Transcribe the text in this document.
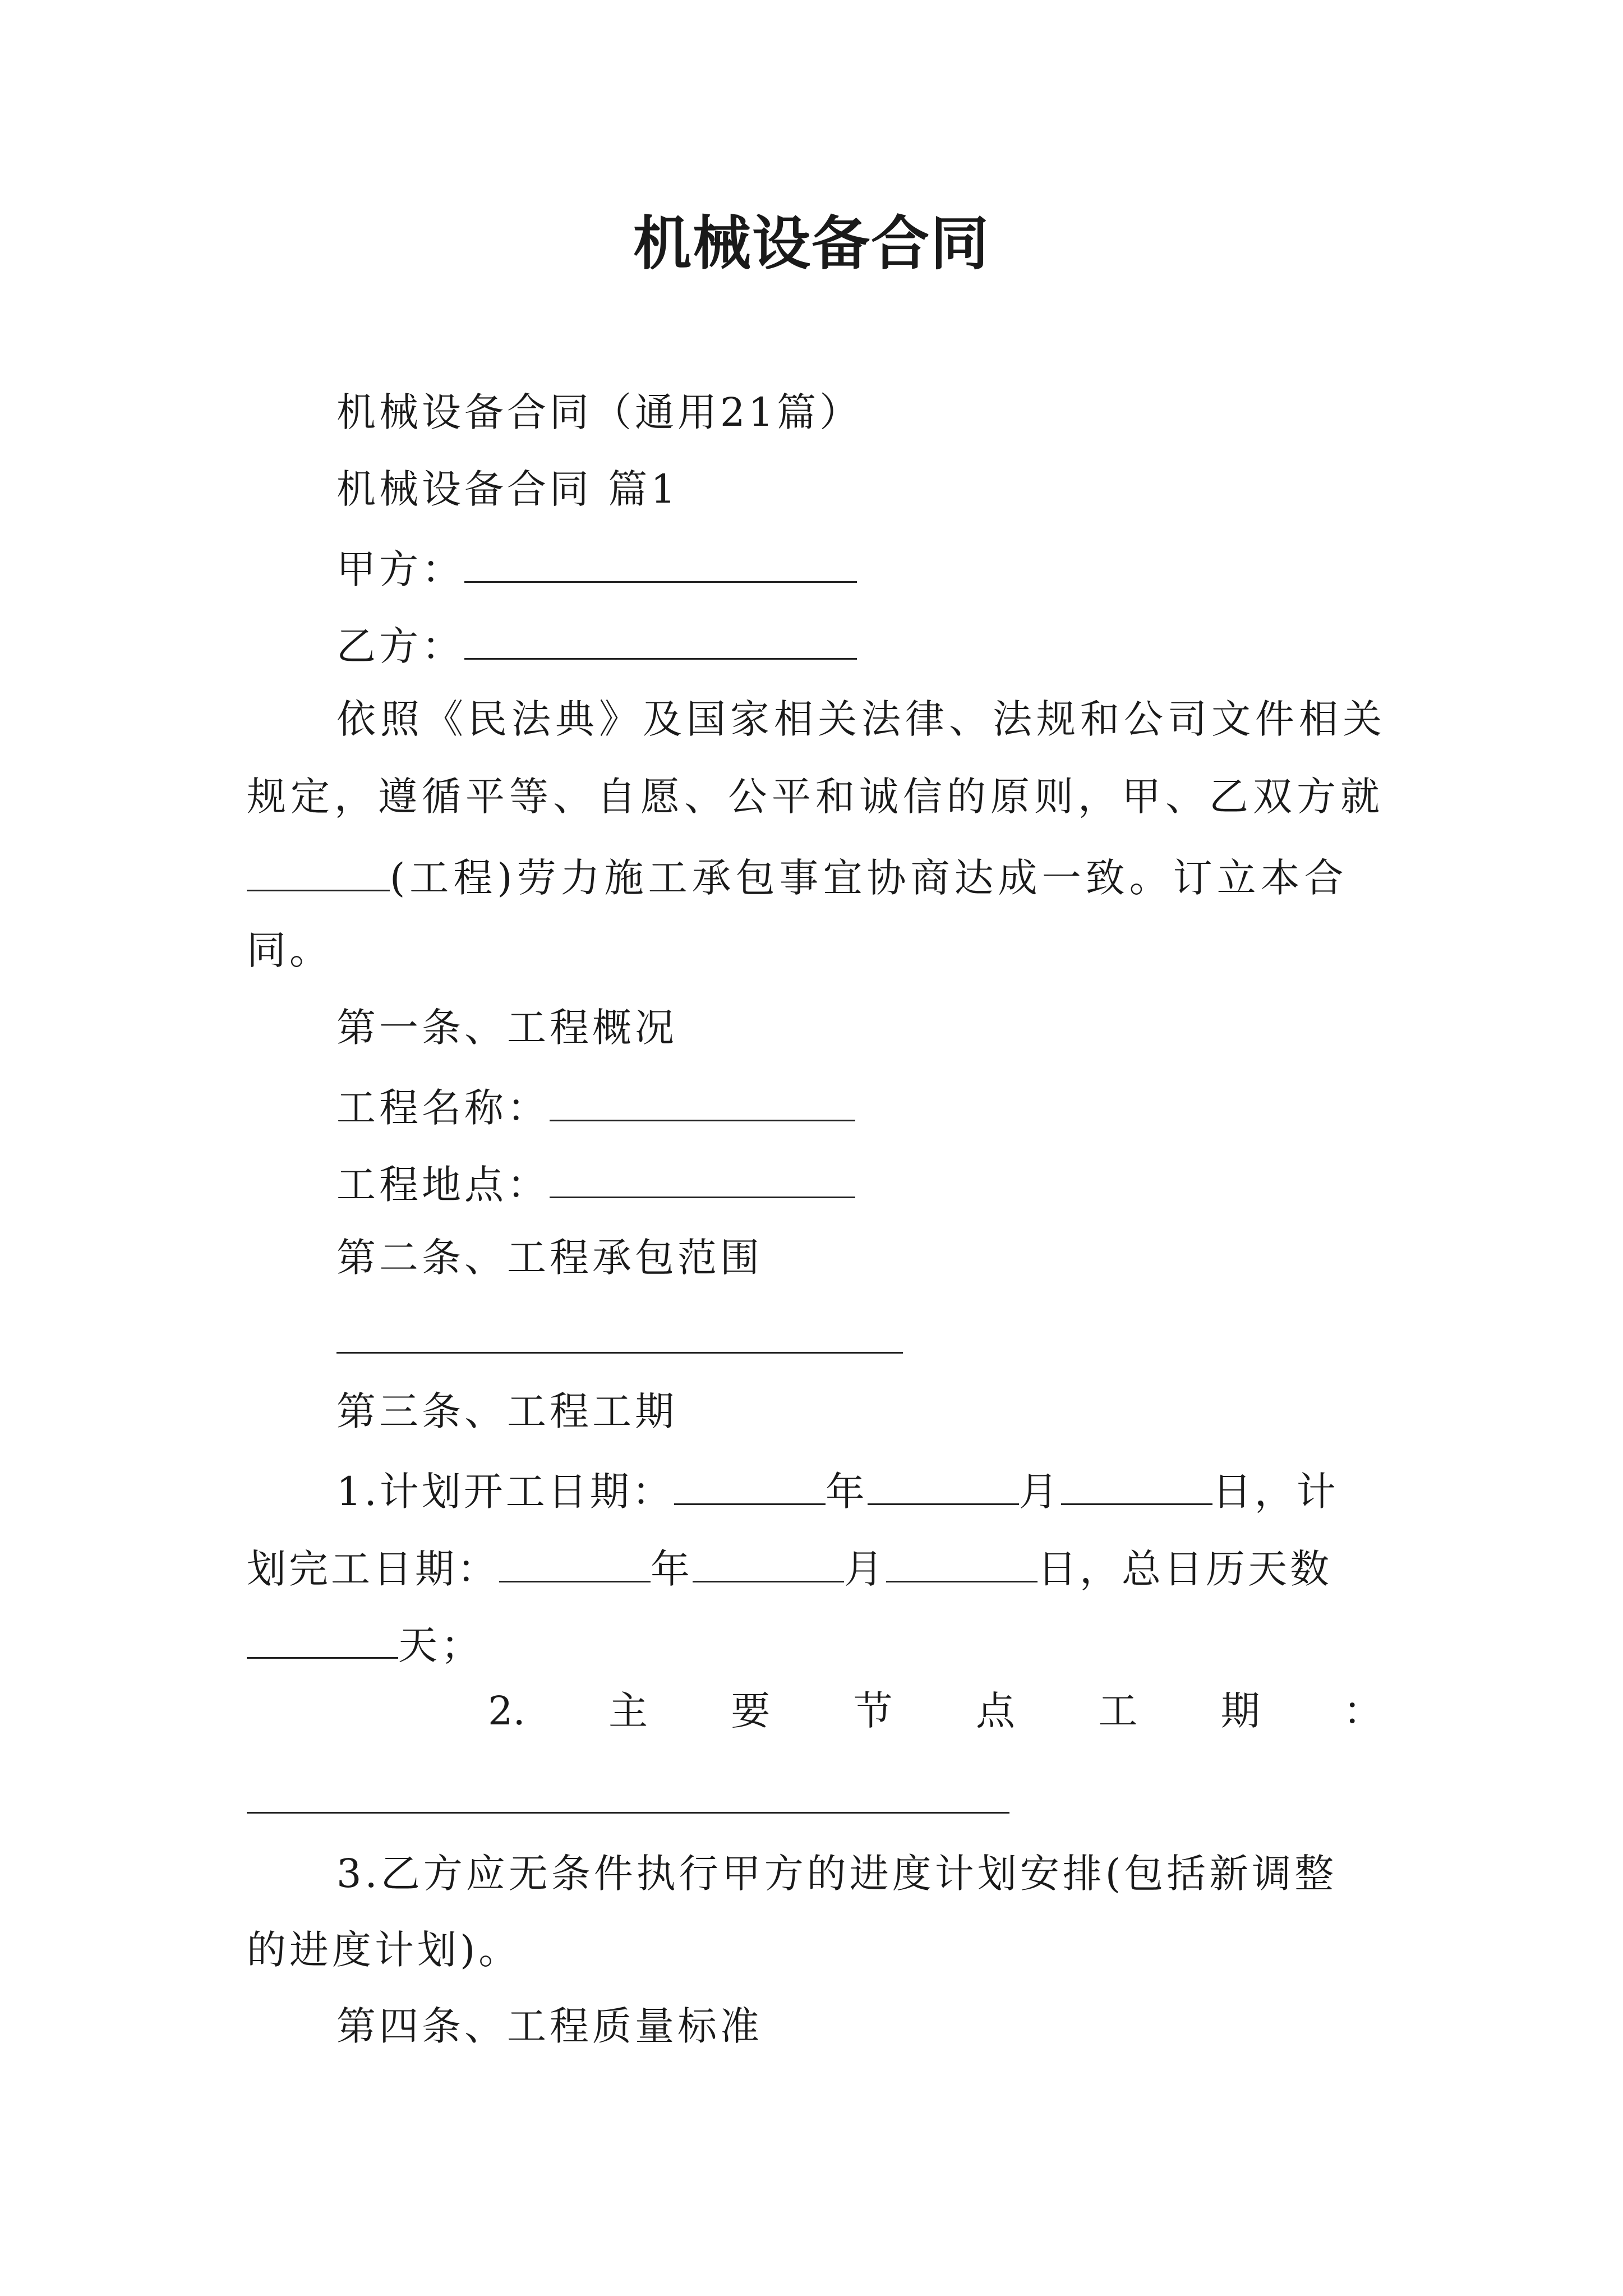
机械设备合同

机械设备合同（通用21篇）

机械设备合同 篇1

甲方：

乙方：

依照《民法典》及国家相关法律、法规和公司文件相关

规定，遵循平等、自愿、公平和诚信的原则，甲、乙双方就

(工程)劳力施工承包事宜协商达成一致。订立本合

同。

第一条、工程概况

工程名称：

工程地点：

第二条、工程承包范围

第三条、工程工期

1.计划开工日期：	年	月	日，计

划完工日期：	年	月	日，总日历天数

天；

2. 主 要 节 点 工 期 ：

3.乙方应无条件执行甲方的进度计划安排(包括新调整

的进度计划)。

第四条、工程质量标准
